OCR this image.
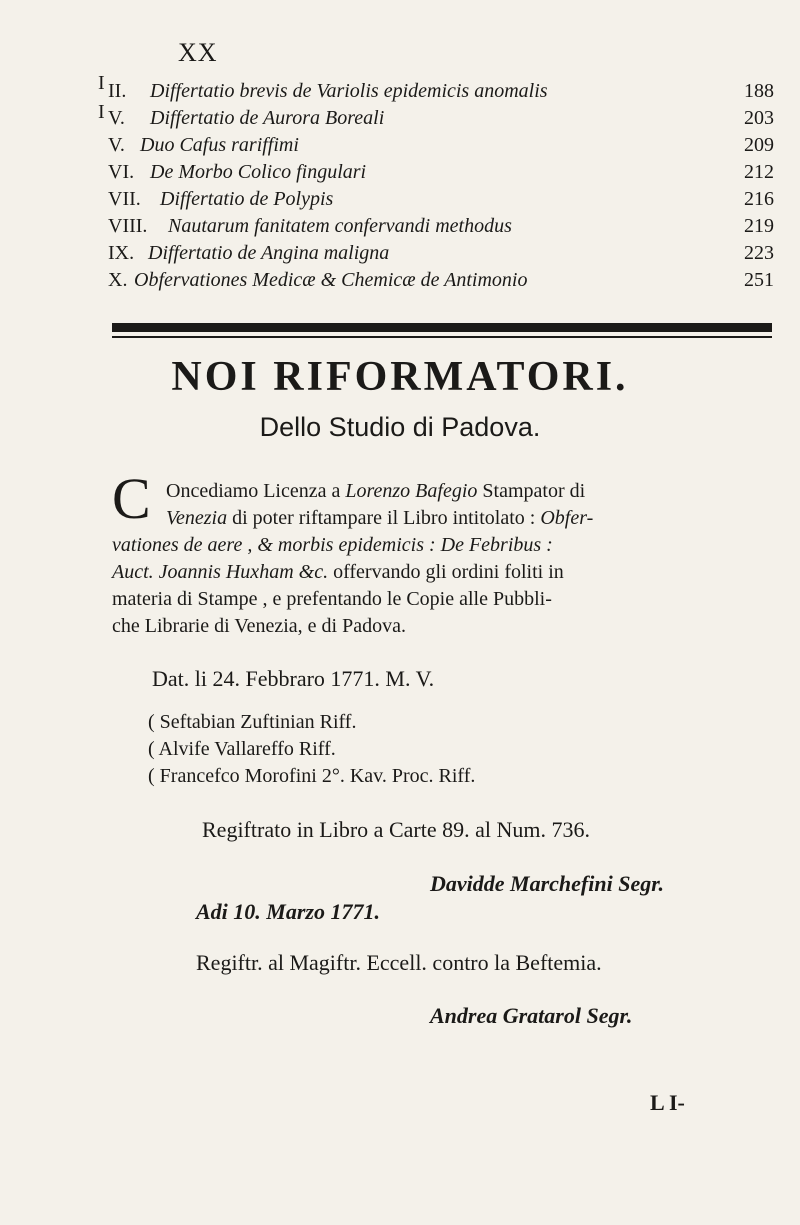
XX
I II. Differtatio brevis de Variolis epidemicis anomalis	188
I V. Differtatio de Aurora Boreali	203
V. Duo Cafus rariffimi	209
VI. De Morbo Colico fingulari	212
VII. Differtatio de Polypis	216
VIII. Nautarum fanitatem confervandi methodus	219
IX. Differtatio de Angina maligna	223
X. Obfervationes Medicæ & Chemicæ de Antimonio	251
NOI RIFORMATORI.
Dello Studio di Padova.
C Oncediamo Licenza a Lorenzo Bafegio Stampator di
Venezia di poter riftampare il Libro intitolato : Obfer-
vationes de aere , & morbis epidemicis : De Febribus :
Auct. Joannis Huxham &c. offervando gli ordini foliti in
materia di Stampe , e prefentando le Copie alle Pubbli-
che Librarie di Venezia, e di Padova.
Dat. li 24. Febbraro 1771. M. V.
( Seftabian Zuftinian Riff.
( Alvife Vallareffo Riff.
( Francefco Morofini 2°. Kav. Proc. Riff.
Regiftrato in Libro a Carte 89. al Num. 736.
Davidde Marchefini Segr.
Adi 10. Marzo 1771.
Regiftr. al Magiftr. Eccell. contro la Beftemia.
Andrea Gratarol Segr.
L I-
